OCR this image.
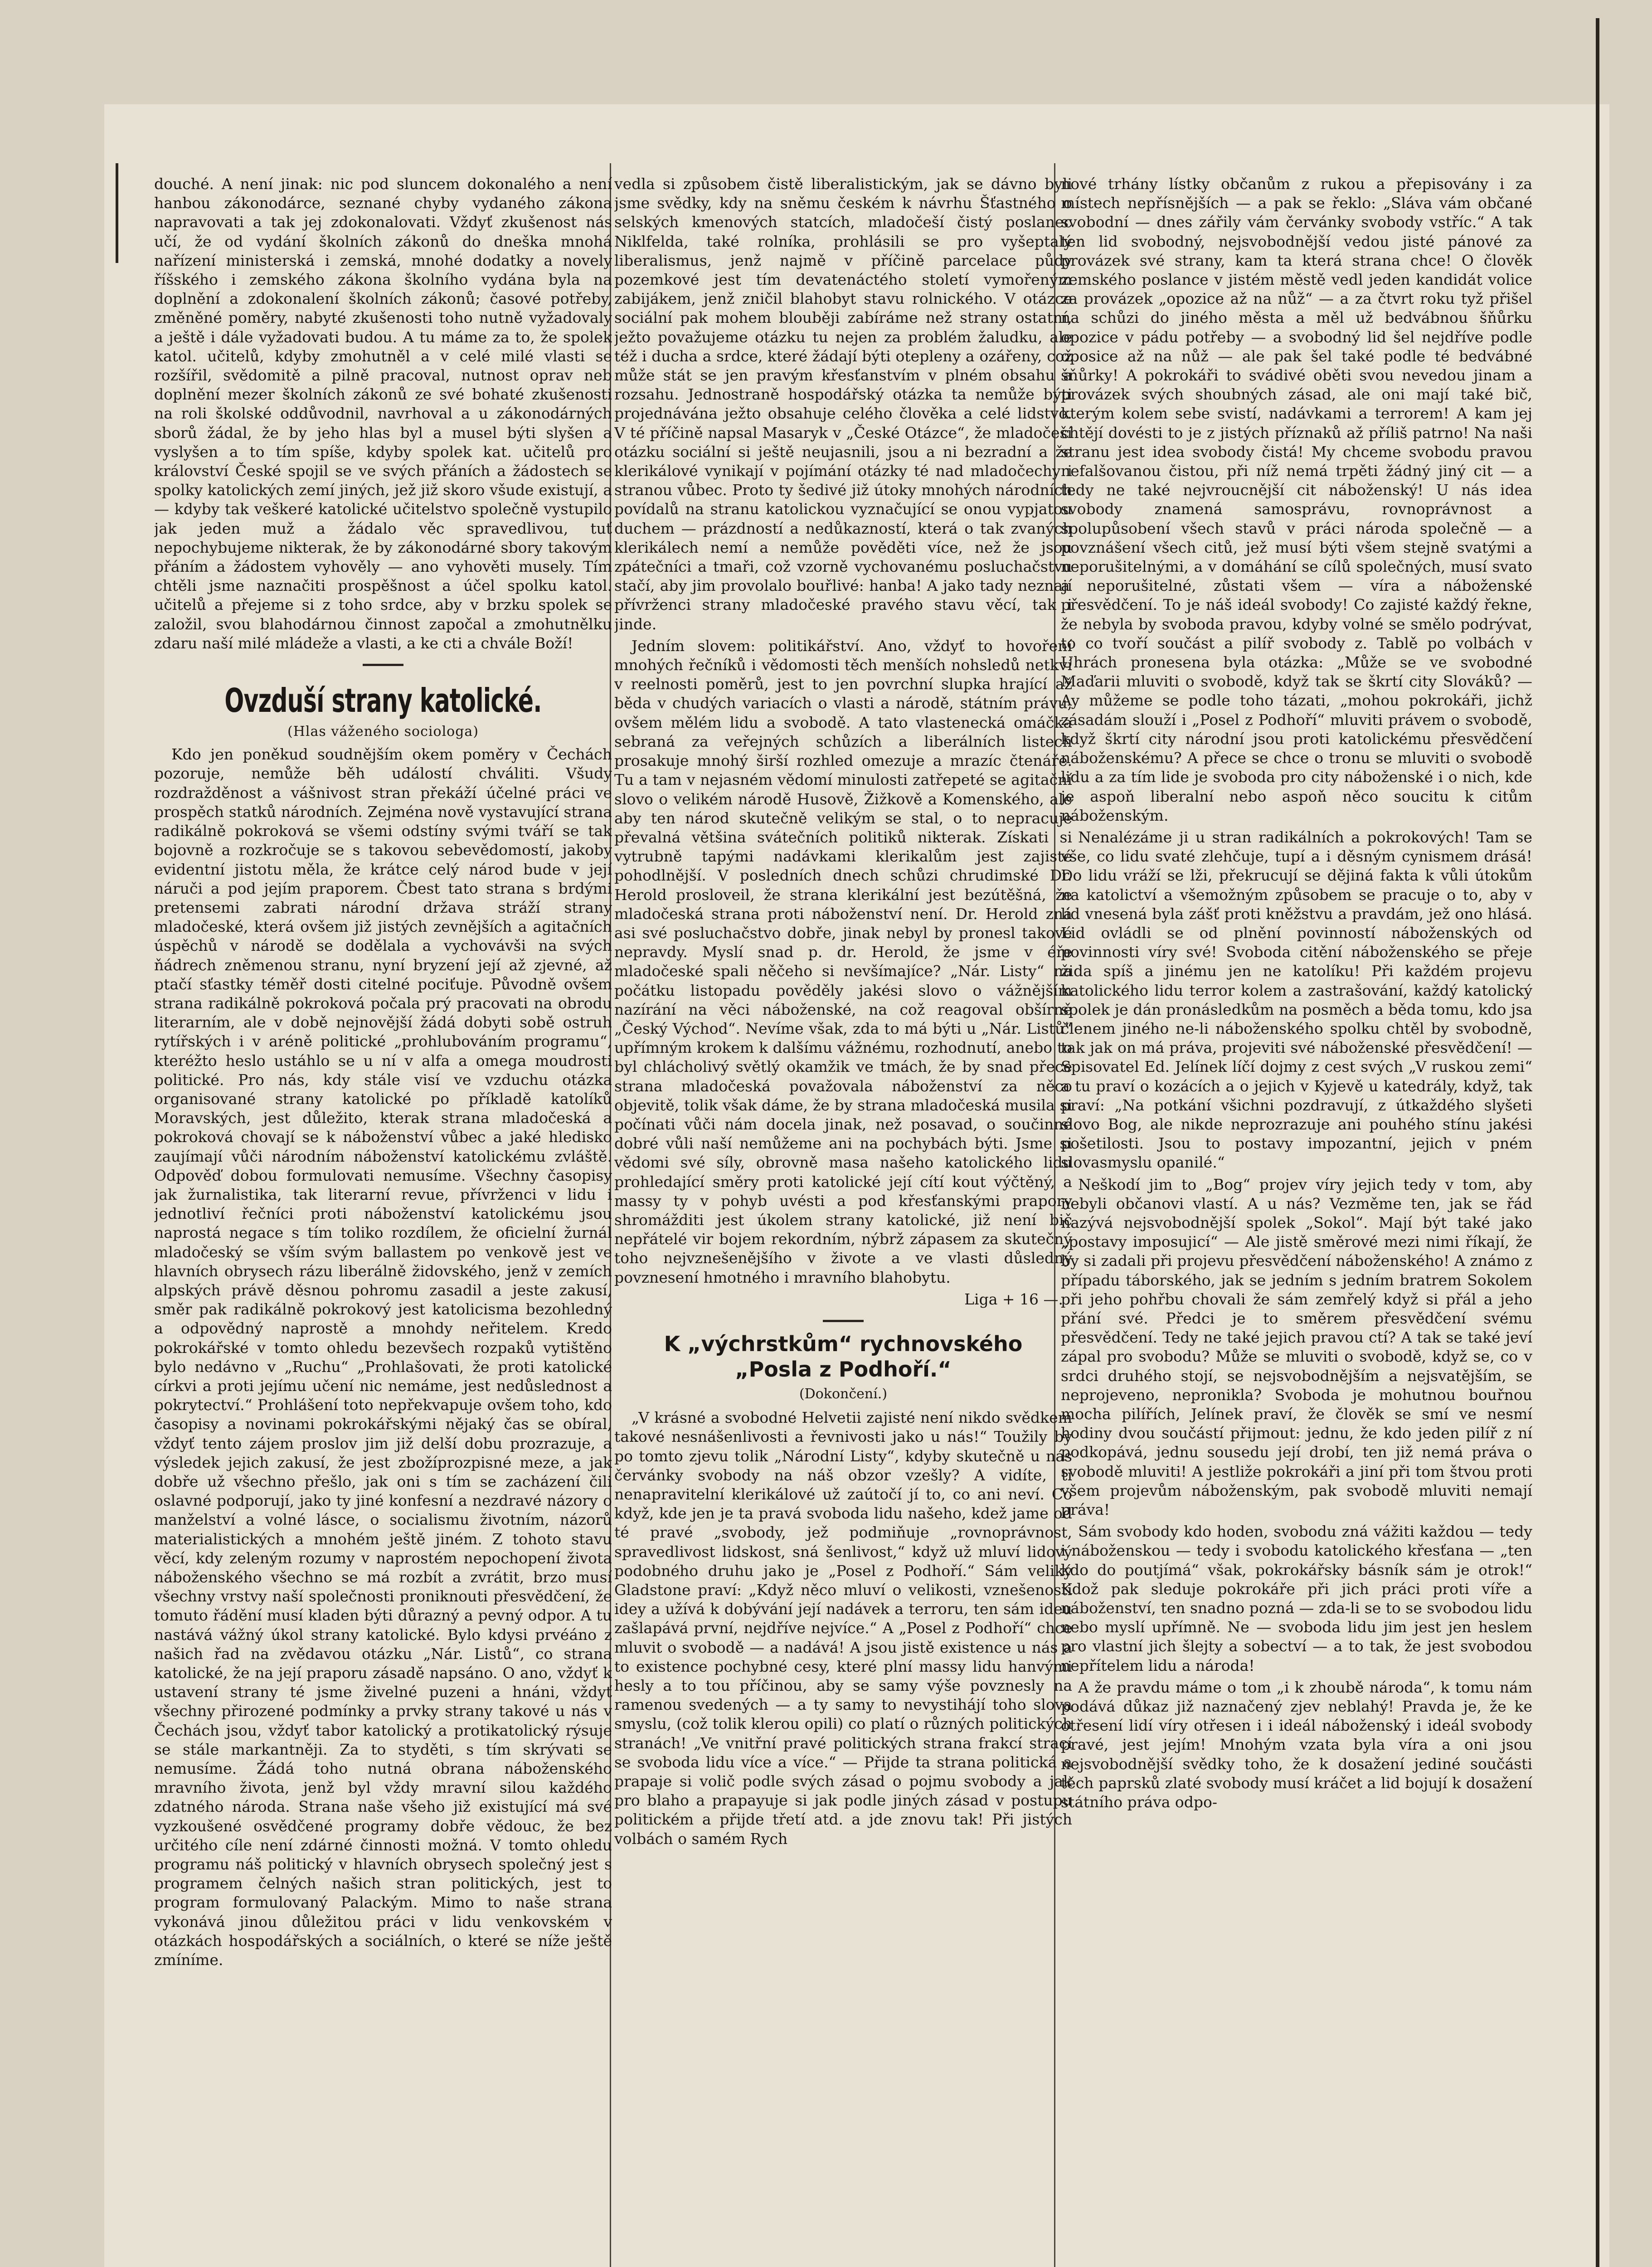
douché. A není jinak: nic pod sluncem dokonalého a není hanbou zákonodárce, seznané chyby vydaného zákona napravovati a tak jej zdokonalovati. Vždyť zkušenost nás učí, že od vydání školních zákonů do dneška mnohá nařízení ministerská i zemská, mnohé dodatky a novely říšského i zemského zákona školního vydána byla na doplnění a zdokonalení školních zákonů; časové potřeby, změněné poměry, nabyté zkušenosti toho nutně vyžadovaly a ještě i dále vyžadovati budou. A tu máme za to, že spolek katol. učitelů, kdyby zmohutněl a v celé milé vlasti se rozšířil, svědomitě a pilně pracoval, nutnost oprav neb doplnění mezer školních zákonů ze své bohaté zkušenosti na roli školské oddůvodnil, navrhoval a u zákonodárných sborů žádal, že by jeho hlas byl a musel býti slyšen a vyslyšen a to tím spíše, kdyby spolek kat. učitelů pro království České spojil se ve svých přáních a žádostech se spolky katolických zemí jiných, jež již skoro všude existují, a — kdyby tak veškeré katolické učitelstvo společně vystupilo jak jeden muž a žádalo věc spravedlivou, tuť nepochybujeme nikterak, že by zákonodárné sbory takovým přáním a žádostem vyhověly — ano vyhověti musely. Tím chtěli jsme naznačiti prospěšnost a účel spolku katol. učitelů a přejeme si z toho srdce, aby v brzku spolek se založil, svou blahodárnou činnost započal a zmohutnělku zdaru naší milé mládeže a vlasti, a ke cti a chvále Boží!

Ovzduší strany katolické.
(Hlas váženého sociologa)

Kdo jen poněkud soudnějším okem poměry v Čechách pozoruje, nemůže běh událostí chváliti. Všudy rozdražděnost a vášnivost stran překáží účelné práci ve prospěch statků národních. Zejména nově vystavující strana radikálně pokroková se všemi odstíny svými tváří se tak bojovně a rozkročuje se s takovou sebevědomostí, jakoby evidentní jistotu měla, že krátce celý národ bude v její náruči a pod jejím praporem. Čbest tato strana s brdými pretensemi zabrati národní država stráží strany mladočeské, která ovšem již jistých zevnějších a agitačních úspěchů v národě se dodělala a vychovávši na svých ňádrech zněmenou stranu, nyní bryzení její až zjevné, až ptačí sťastky téměř dosti citelné pociťuje. Původně ovšem strana radikálně pokroková počala prý pracovati na obrodu literarním, ale v době nejnovější žádá dobyti sobě ostruh rytířských i v aréně politické „prohlubováním programu“, kteréžto heslo ustáhlo se u ní v alfa a omega moudrosti politické. Pro nás, kdy stále visí ve vzduchu otázka organisované strany katolické po příkladě katolíků Moravských, jest důležito, kterak strana mladočeská a pokroková chovají se k náboženství vůbec a jaké hledisko zaujímají vůči národním náboženství katolickému zvláště. Odpověď dobou formulovati nemusíme. Všechny časopisy jak žurnalistika, tak literarní revue, přívrženci v lidu i jednotliví řečníci proti náboženství katolickému jsou naprostá negace s tím toliko rozdílem, že oficielní žurnál mladočeský se vším svým ballastem po venkově jest ve hlavních obrysech rázu liberálně židovského, jenž v zemích alpských právě děsnou pohromu zasadil a jeste zakusí, směr pak radikálně pokrokový jest katolicisma bezohledný a odpovědný naprostě a mnohdy neřitelem. Kredo pokrokářské v tomto ohledu bezevšech rozpaků vytištěno bylo nedávno v „Ruchu“ „Prohlašovati, že proti katolické církvi a proti jejímu učení nic nemáme, jest nedůslednost a pokrytectví.“ Prohlášení toto nepřekvapuje ovšem toho, kdo časopisy a novinami pokrokářskými nějaký čas se obíral, vždyť tento zájem proslov jim již delší dobu prozrazuje, a výsledek jejich zakusí, že jest zbožíprozpisné meze, a jak dobře už všechno přešlo, jak oni s tím se zacházení čili oslavné podporují, jako ty jiné konfesní a nezdravé názory o manželství a volné lásce, o socialismu životním, názorů materialistických a mnohém ještě jiném. Z tohoto stavu věcí, kdy zeleným rozumy v naprostém nepochopení života náboženského všechno se má rozbít a zvrátit, brzo musí všechny vrstvy naší společnosti proniknouti přesvědčení, že tomuto řádění musí kladen býti důrazný a pevný odpor. A tu nastává vážný úkol strany katolické. Bylo kdysi prvéáno z našich řad na zvědavou otázku „Nár. Listů“, co strana katolické, že na její praporu zásadě napsáno. O ano, vždyť k ustavení strany té jsme živelné puzeni a hnáni, vždyť všechny přirozené podmínky a prvky strany takové u nás v Čechách jsou, vždyť tabor katolický a protikatolický rýsuje se stále markantněji. Za to styděti, s tím skrývati se nemusíme. Žádá toho nutná obrana náboženského mravního života, jenž byl vždy mravní silou každého zdatného národa. Strana naše všeho již existující má své vyzkoušené osvědčené programy dobře vědouc, že bez určitého cíle není zdárné činnosti možná. V tomto ohledu programu náš politický v hlavních obrysech společný jest s programem čelných našich stran politických, jest to program formulovaný Palackým. Mimo to naše strana vykonává jinou důležitou práci v lidu venkovském v otázkách hospodářských a sociálních, o které se níže ještě zmíníme.

vedla si způsobem čistě liberalistickým, jak se dávno byli jsme svědky, kdy na sněmu českém k návrhu Šťastného o selských kmenových statcích, mladočeší čistý poslanec Niklfelda, také rolníka, prohlásili se pro vyšeptalý liberalismus, jenž najmě v příčině parcelace půdy pozemkové jest tím devatenáctého století vymořeným zabijákem, jenž zničil blahobyt stavu rolnického. V otázce sociální pak mohem blouběji zabíráme než strany ostatní, ježto považujeme otázku tu nejen za problém žaludku, ale též i ducha a srdce, které žádají býti otepleny a ozářeny, což může stát se jen pravým křesťanstvím v plném obsahu a rozsahu. Jednostraně hospodářský otázka ta nemůže býti projednávána ježto obsahuje celého člověka a celé lidstvo. V té příčině napsal Masaryk v „České Otázce“, že mladočeší otázku sociální si ještě neujasnili, jsou a ni bezradní a že klerikálové vynikají v pojímání otázky té nad mladočechy i stranou vůbec. Proto ty šedivé již útoky mnohých národních povídalů na stranu katolickou vyznačující se onou vypjatou duchem — prázdností a nedůkazností, která o tak zvaných klerikálech nemí a nemůže pověděti více, než že jsou zpátečníci a tmaři, což vzorně vychovanému posluchačstvu stačí, aby jim provolalo bouřlivé: hanba! A jako tady neznají přívrženci strany mladočeské pravého stavu věcí, tak i jinde.

Jedním slovem: politikářství. Ano, vždyť to hovoření mnohých řečníků i vědomosti těch menších nohsledů netkví v reelnosti poměrů, jest to jen povrchní slupka hrající až běda v chudých variacích o vlasti a národě, státním právu, ovšem mělém lidu a svobodě. A tato vlastenecká omáčka sebraná za veřejných schůzích a liberálních listech prosakuje mnohý širší rozhled omezuje a mrazíc čtenáře. Tu a tam v nejasném vědomí minulosti zatřepeté se agitační slovo o velikém národě Husově, Žižkově a Komenského, ale aby ten národ skutečně velikým se stal, o to nepracuje převalná většina svátečních politiků nikterak. Získati si vytrubně tapými nadávkami klerikalům jest zajisté pohodlnější. V posledních dnech schůzi chrudimské Dr. Herold prosloveil, že strana klerikální jest bezútěšná, že mladočeská strana proti náboženství není. Dr. Herold zná asi své posluchačstvo dobře, jinak nebyl by pronesl takové nepravdy. Myslí snad p. dr. Herold, že jsme v éře mladočeské spali něčeho si nevšímajíce? „Nár. Listy“ na počátku listopadu pověděly jakési slovo o vážnějším nazírání na věci náboženské, na což reagoval obšírně „Český Východ“. Nevíme však, zda to má býti u „Nár. Listů“ upřímným krokem k dalšímu vážnému, rozhodnutí, anebo to byl chlácholivý světlý okamžik ve tmách, že by snad přece strana mladočeská považovala náboženství za něco objevitě, tolik však dáme, že by strana mladočeská musila si počínati vůči nám docela jinak, než posavad, o součinné dobré vůli naší nemůžeme ani na pochybách býti. Jsme si vědomi své síly, obrovně masa našeho katolického lidu prohledající směry proti katolické její cítí kout výčtěný, a massy ty v pohyb uvésti a pod křesťanskými prapory shromážditi jest úkolem strany katolické, již není bič nepřátelé vir bojem rekordním, nýbrž zápasem za skutečný toho nejvznešenějšího v živote a ve vlasti důsledný povznesení hmotného i mravního blahobytu.

Liga + 16 —.
K „výchrstkům“ rychnovského
„Posla z Podhoří.“
(Dokončení.)

„V krásné a svobodné Helvetii zajisté není nikdo svědkem takové nesnášenlivosti a řevnivosti jako u nás!“ Toužily by po tomto zjevu tolik „Národní Listy“, kdyby skutečně u nás červánky svobody na náš obzor vzešly? A vidíte, ti nenapravitelní klerikálové už zaútočí jí to, co ani neví. Co když, kde jen je ta pravá svoboda lidu našeho, kdež jame od té pravé „svobody, jež podmiňuje „rovnoprávnost, spravedlivost lidskost, sná šenlivost,“ když už mluví lidový podobného druhu jako je „Posel z Podhoří.“ Sám veliký Gladstone praví: „Když něco mluví o velikosti, vznešenosti idey a užívá k dobývání její nadávek a terroru, ten sám ideu zašlapává první, nejdříve nejvíce.“ A „Posel z Podhoří“ chce mluvit o svobodě — a nadává! A jsou jistě existence u nás a to existence pochybné cesy, které plní massy lidu hanvými hesly a to tou příčinou, aby se samy výše povznesly na ramenou svedených — a ty samy to nevystihájí toho slova smyslu, (což tolik klerou opili) co platí o různých politických stranách! „Ve vnitřní pravé politických strana frakcí strací se svoboda lidu více a více.“ — Přijde ta strana politická a prapaje si volič podle svých zásad o pojmu svobody a jak pro blaho a prapayuje si jak podle jiných zásad v postupu politickém a přijde třetí atd. a jde znovu tak! Při jistých volbách o samém Rych

nové trhány lístky občanům z rukou a přepisovány i za místech nepřísnějších — a pak se řeklo: „Sláva vám občané svobodní — dnes zářily vám červánky svobody vstříc.“ A tak ten lid svobodný, nejsvobodnější vedou jisté pánové za provázek své strany, kam ta která strana chce! O člověk zemského poslance v jistém městě vedl jeden kandidát volice za provázek „opozice až na nůž“ — a za čtvrt roku tyž přišel na schůzi do jiného města a měl už bedvábnou šňůrku opozice v pádu potřeby — a svobodný lid šel nejdříve podle oposice až na nůž — ale pak šel také podle té bedvábné šňůrky! A pokrokáři to svádivé oběti svou nevedou jinam a provázek svých shoubných zásad, ale oni mají také bič, kterým kolem sebe svistí, nadávkami a terrorem! A kam jej chtějí dovésti to je z jistých příznaků až příliš patrno! Na naši stranu jest idea svobody čistá! My chceme svobodu pravou nefalšovanou čistou, při níž nemá trpěti žádný jiný cit — a tedy ne také nejvroucnější cit náboženský! U nás idea svobody znamená samosprávu, rovnoprávnost a spolupůsobení všech stavů v práci národa společně — a povznášení všech citů, jež musí býti všem stejně svatými a neporušitelnými, a v domáhání se cílů společných, musí svato a neporušitelné, zůstati všem — víra a náboženské přesvědčení. To je náš ideál svobody! Co zajisté každý řekne, že nebyla by svoboda pravou, kdyby volné se smělo podrývat, to co tvoří součást a pilíř svobody z. Tablě po volbách v Uhrách pronesena byla otázka: „Může se ve svobodné Maďarii mluviti o svobodě, když tak se škrtí city Slováků? — Ay můžeme se podle toho tázati, „mohou pokrokáři, jichž zásadám slouží i „Posel z Podhoří“ mluviti právem o svobodě, když škrtí city národní jsou proti katolickému přesvědčení náboženskému? A přece se chce o tronu se mluviti o svobodě lidu a za tím lide je svoboda pro city náboženské i o nich, kde je aspoň liberalní nebo aspoň něco soucitu k citům náboženským.

Nenalézáme ji u stran radikálních a pokrokových! Tam se vše, co lidu svaté zlehčuje, tupí a i děsným cynismem drásá! Do lidu vráží se lži, překrucují se dějiná fakta k vůli útokům na katolictví a všemožným způsobem se pracuje o to, aby v lid vnesená byla zášť proti kněžstvu a pravdám, jež ono hlásá. Lid ovládli se od plnění povinností náboženských od povinnosti víry své! Svoboda citění náboženského se přeje žida spíš a jinému jen ne katolíku! Při každém projevu katolického lidu terror kolem a zastrašování, každý katolický spolek je dán pronásledkům na posměch a běda tomu, kdo jsa členem jiného ne-li náboženského spolku chtěl by svobodně, tak jak on má práva, projeviti své náboženské přesvědčení! — Spisovatel Ed. Jelínek líčí dojmy z cest svých „V ruskou zemi“ a tu praví o kozácích a o jejich v Kyjevě u katedrály, když, tak praví: „Na potkání všichni pozdravují, z útkaždého slyšeti slovo Bog, ale nikde neprozrazuje ani pouhého stínu jakési pošetilosti. Jsou to postavy impozantní, jejich v pném slovasmyslu opanilé.“

Neškodí jim to „Bog“ projev víry jejich tedy v tom, aby nebyli občanovi vlastí. A u nás? Vezměme ten, jak se řád nazývá nejsvobodnější spolek „Sokol“. Mají být také jako „postavy imposujicí“ — Ale jistě směrové mezi nimi říkají, že by si zadali při projevu přesvědčení náboženského! A známo z případu táborského, jak se jedním s jedním bratrem Sokolem při jeho pohřbu chovali že sám zemřelý když si přál a jeho přání své. Předci je to směrem přesvědčení svému přesvědčení. Tedy ne také jejich pravou ctí? A tak se také jeví zápal pro svobodu? Může se mluviti o svobodě, když se, co v srdci druhého stojí, se nejsvobodnějším a nejsvatějším, se neprojeveno, nepronikla? Svoboda je mohutnou bouřnou mocha pilířích, Jelínek praví, že člověk se smí ve nesmí hodiny dvou součástí přijmout: jednu, že kdo jeden pilíř z ní podkopává, jednu sousedu její drobí, ten již nemá práva o svobodě mluviti! A jestliže pokrokáři a jiní při tom štvou proti všem projevům náboženským, pak svobodě mluviti nemají práva!

Sám svobody kdo hoden, svobodu zná vážiti každou — tedy i náboženskou — tedy i svobodu katolického křesťana — „ten kdo do poutjímá“ však, pokrokářsky básník sám je otrok!“ Kdož pak sleduje pokrokáře při jich práci proti víře a náboženství, ten snadno pozná — zda-li se to se svobodou lidu nebo myslí upřímně. Ne — svoboda lidu jim jest jen heslem pro vlastní jich šlejty a sobectví — a to tak, že jest svobodou nepřítelem lidu a národa!

A že pravdu máme o tom „i k zhoubě národa“, k tomu nám podává důkaz již naznačený zjev neblahý! Pravda je, že ke otřesení lidí víry otřesen i i ideál náboženský i ideál svobody pravé, jest jejím! Mnohým vzata byla víra a oni jsou nejsvobodnější svědky toho, že k dosažení jediné součásti těch paprsků zlaté svobody musí kráčet a lid bojují k dosažení státního práva odpo-
